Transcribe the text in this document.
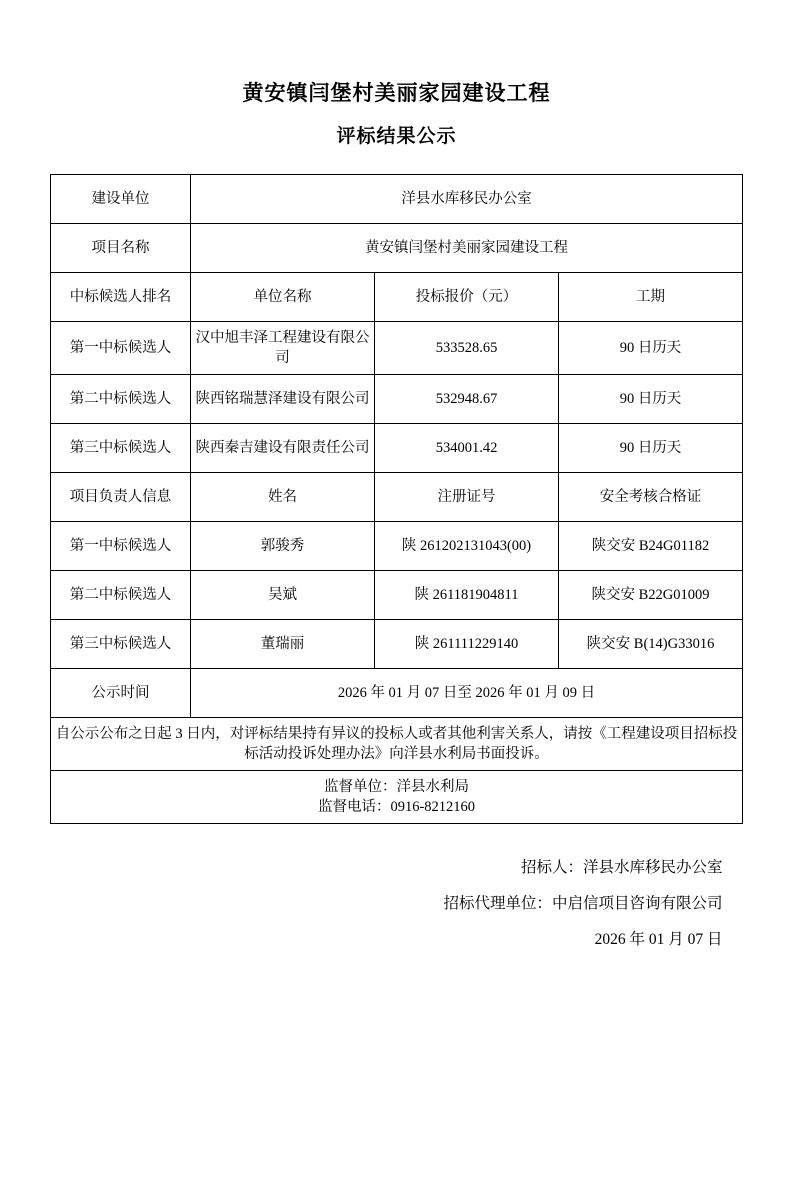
黄安镇闫堡村美丽家园建设工程
评标结果公示
建设单位	洋县水库移民办公室		
项目名称	黄安镇闫堡村美丽家园建设工程		
中标候选人排名	单位名称	投标报价（元）	工期
第一中标候选人	汉中旭丰泽工程建设有限公司	533528.65	90 日历天
第二中标候选人	陕西铭瑞慧泽建设有限公司	532948.67	90 日历天
第三中标候选人	陕西秦吉建设有限责任公司	534001.42	90 日历天
项目负责人信息	姓名	注册证号	安全考核合格证
第一中标候选人	郭骏秀	陕 261202131043(00)	陕交安 B24G01182
第二中标候选人	吴斌	陕 261181904811	陕交安 B22G01009
第三中标候选人	董瑞丽	陕 261111229140	陕交安 B(14)G33016
公示时间	2026 年 01 月 07 日至 2026 年 01 月 09 日		
自公示公布之日起 3 日内，对评标结果持有异议的投标人或者其他利害关系人，请按《工程建设项目招标投标活动投诉处理办法》向洋县水利局书面投诉。			

监督单位：洋县水利局
监督电话：0916-8212160			
招标人：洋县水库移民办公室
招标代理单位：中启信项目咨询有限公司
2026 年 01 月 07 日
